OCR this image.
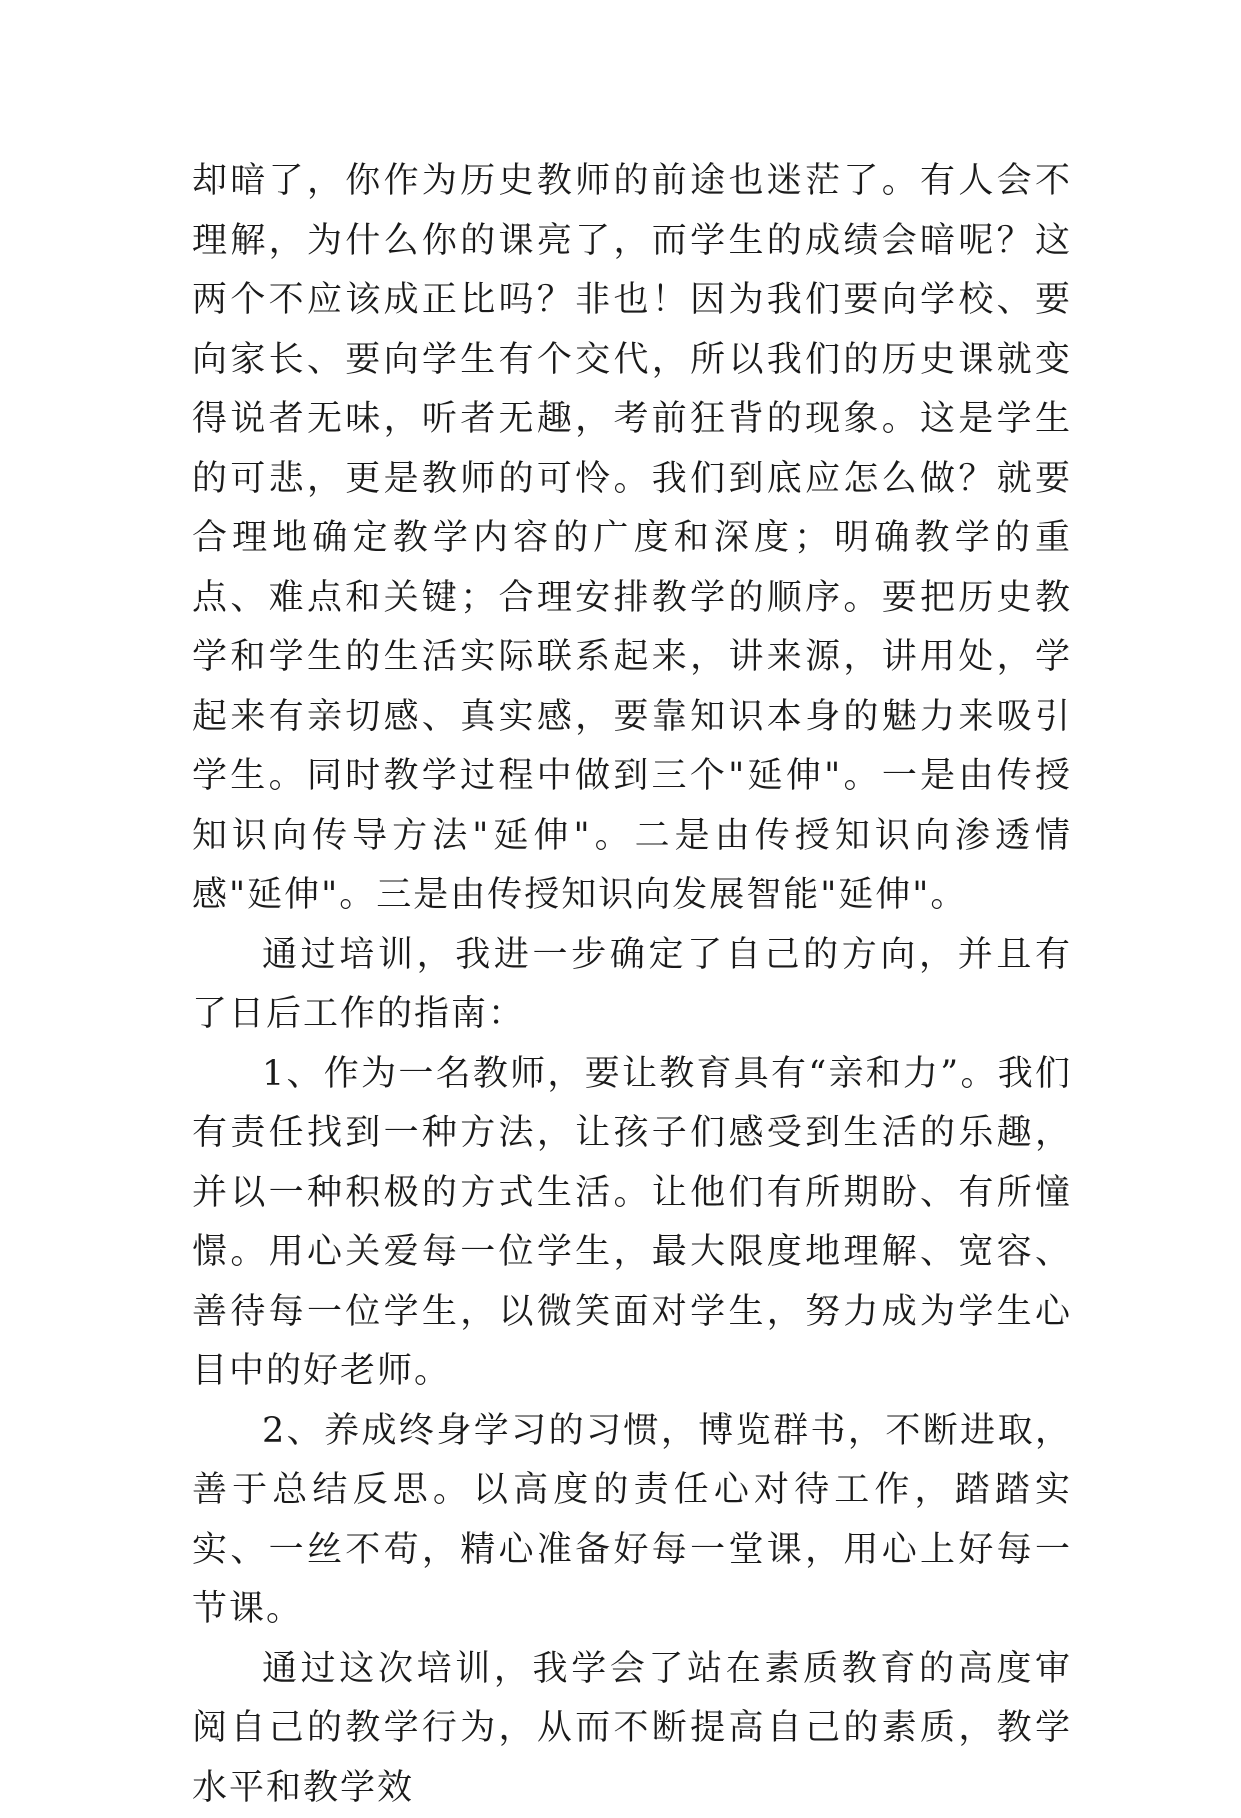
却暗了，你作为历史教师的前途也迷茫了。有人会不理解，为什么你的课亮了，而学生的成绩会暗呢？这两个不应该成正比吗？非也！因为我们要向学校、要向家长、要向学生有个交代，所以我们的历史课就变得说者无味，听者无趣，考前狂背的现象。这是学生的可悲，更是教师的可怜。我们到底应怎么做？就要合理地确定教学内容的广度和深度；明确教学的重点、难点和关键；合理安排教学的顺序。要把历史教学和学生的生活实际联系起来，讲来源，讲用处，学起来有亲切感、真实感，要靠知识本身的魅力来吸引学生。同时教学过程中做到三个"延伸"。一是由传授知识向传导方法"延伸"。二是由传授知识向渗透情感"延伸"。三是由传授知识向发展智能"延伸"。

通过培训，我进一步确定了自己的方向，并且有了日后工作的指南：

1、作为一名教师，要让教育具有“亲和力”。我们有责任找到一种方法，让孩子们感受到生活的乐趣，并以一种积极的方式生活。让他们有所期盼、有所憧憬。用心关爱每一位学生，最大限度地理解、宽容、善待每一位学生，以微笑面对学生，努力成为学生心目中的好老师。

2、养成终身学习的习惯，博览群书，不断进取，善于总结反思。以高度的责任心对待工作，踏踏实实、一丝不苟，精心准备好每一堂课，用心上好每一节课。

通过这次培训，我学会了站在素质教育的高度审阅自己的教学行为，从而不断提高自己的素质，教学水平和教学效
